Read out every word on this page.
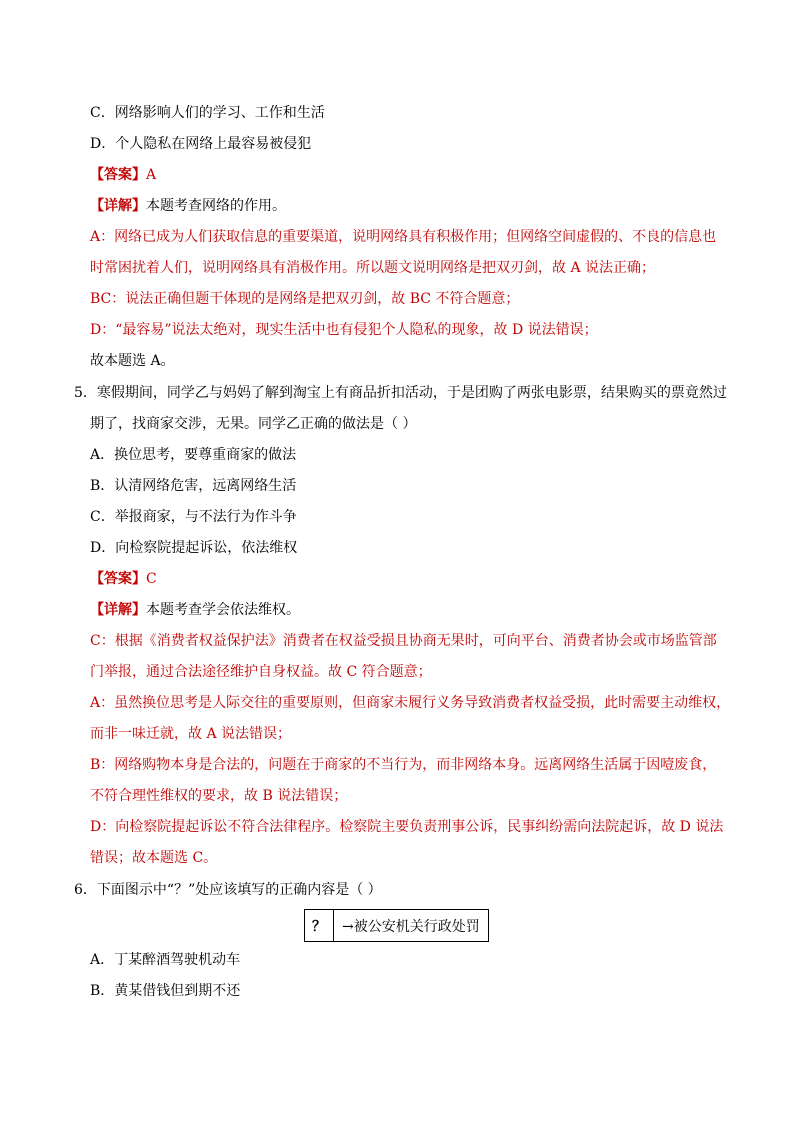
C．网络影响人们的学习、工作和生活
D．个人隐私在网络上最容易被侵犯
【答案】A
【详解】本题考查网络的作用。
A：网络已成为人们获取信息的重要渠道，说明网络具有积极作用；但网络空间虚假的、不良的信息也
时常困扰着人们，说明网络具有消极作用。所以题文说明网络是把双刃剑，故 A 说法正确；
BC：说法正确但题干体现的是网络是把双刃剑，故 BC 不符合题意；
D：“最容易”说法太绝对，现实生活中也有侵犯个人隐私的现象，故 D 说法错误；
故本题选 A。
5．寒假期间，同学乙与妈妈了解到淘宝上有商品折扣活动，于是团购了两张电影票，结果购买的票竟然过
期了，找商家交涉，无果。同学乙正确的做法是（ ）
A．换位思考，要尊重商家的做法
B．认清网络危害，远离网络生活
C．举报商家，与不法行为作斗争
D．向检察院提起诉讼，依法维权
【答案】C
【详解】本题考查学会依法维权。
C：根据《消费者权益保护法》消费者在权益受损且协商无果时，可向平台、消费者协会或市场监管部
门举报，通过合法途径维护自身权益。故 C 符合题意；
A：虽然换位思考是人际交往的重要原则，但商家未履行义务导致消费者权益受损，此时需要主动维权，
而非一味迁就，故 A 说法错误；
B：网络购物本身是合法的，问题在于商家的不当行为，而非网络本身。远离网络生活属于因噎废食，
不符合理性维权的要求，故 B 说法错误；
D：向检察院提起诉讼不符合法律程序。检察院主要负责刑事公诉，民事纠纷需向法院起诉，故 D 说法
错误；故本题选 C。
6．下面图示中“？”处应该填写的正确内容是（ ）
？	→被公安机关行政处罚
A．丁某醉酒驾驶机动车
B．黄某借钱但到期不还
